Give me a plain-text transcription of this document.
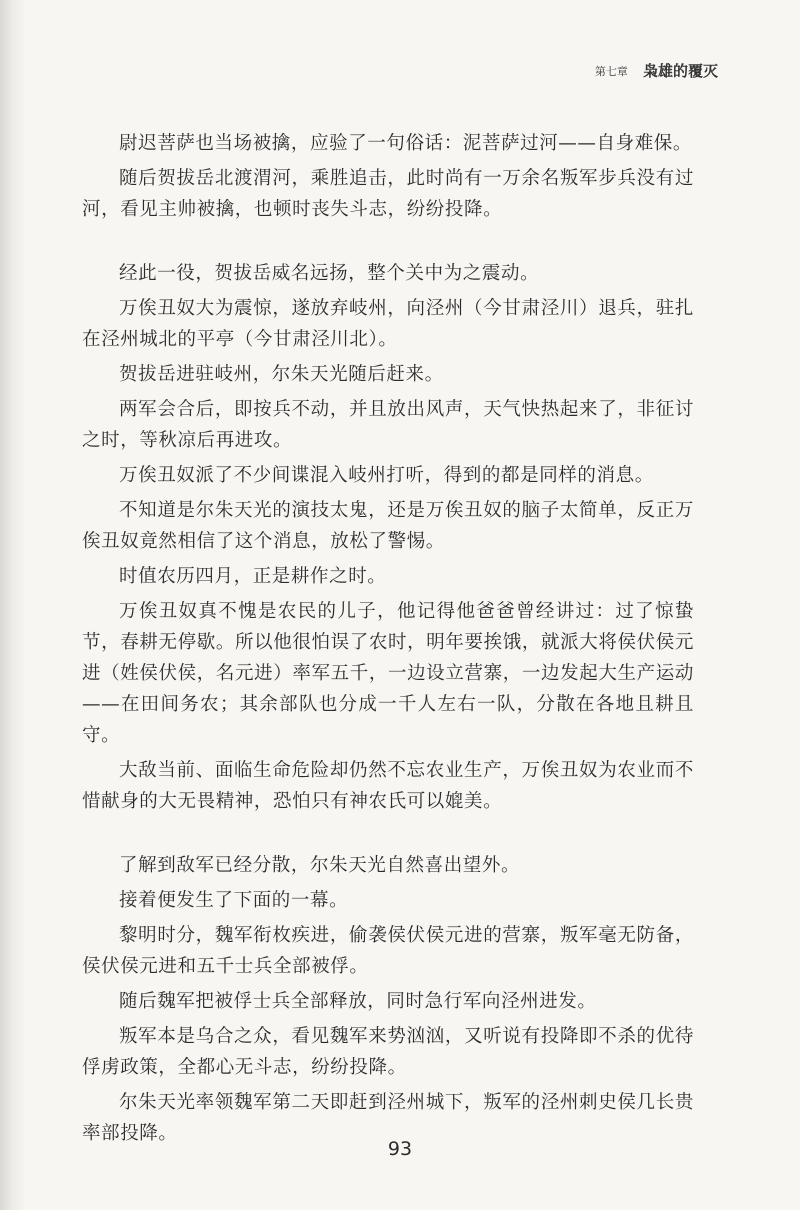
第七章 枭雄的覆灭

尉迟菩萨也当场被擒，应验了一句俗话：泥菩萨过河——自身难保。

随后贺拔岳北渡渭河，乘胜追击，此时尚有一万余名叛军步兵没有过河，看见主帅被擒，也顿时丧失斗志，纷纷投降。

经此一役，贺拔岳威名远扬，整个关中为之震动。

万俟丑奴大为震惊，遂放弃岐州，向泾州（今甘肃泾川）退兵，驻扎在泾州城北的平亭（今甘肃泾川北）。

贺拔岳进驻岐州，尔朱天光随后赶来。

两军会合后，即按兵不动，并且放出风声，天气快热起来了，非征讨之时，等秋凉后再进攻。

万俟丑奴派了不少间谍混入岐州打听，得到的都是同样的消息。

不知道是尔朱天光的演技太鬼，还是万俟丑奴的脑子太简单，反正万俟丑奴竟然相信了这个消息，放松了警惕。

时值农历四月，正是耕作之时。

万俟丑奴真不愧是农民的儿子，他记得他爸爸曾经讲过：过了惊蛰节，春耕无停歇。所以他很怕误了农时，明年要挨饿，就派大将侯伏侯元进（姓侯伏侯，名元进）率军五千，一边设立营寨，一边发起大生产运动——在田间务农；其余部队也分成一千人左右一队，分散在各地且耕且守。

大敌当前、面临生命危险却仍然不忘农业生产，万俟丑奴为农业而不惜献身的大无畏精神，恐怕只有神农氏可以媲美。

了解到敌军已经分散，尔朱天光自然喜出望外。

接着便发生了下面的一幕。

黎明时分，魏军衔枚疾进，偷袭侯伏侯元进的营寨，叛军毫无防备，侯伏侯元进和五千士兵全部被俘。

随后魏军把被俘士兵全部释放，同时急行军向泾州进发。

叛军本是乌合之众，看见魏军来势汹汹，又听说有投降即不杀的优待俘虏政策，全都心无斗志，纷纷投降。

尔朱天光率领魏军第二天即赶到泾州城下，叛军的泾州刺史侯几长贵率部投降。

93
